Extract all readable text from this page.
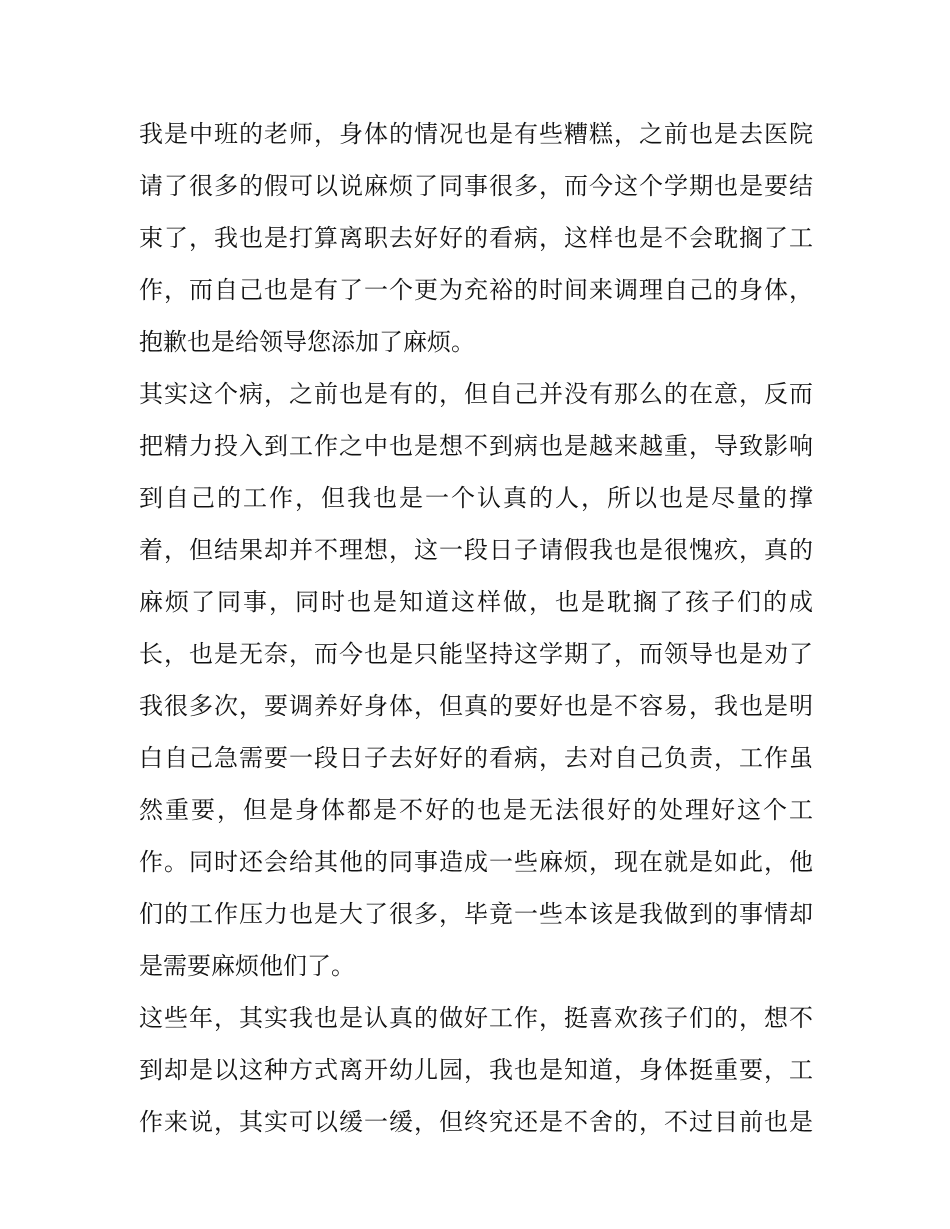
我是中班的老师，身体的情况也是有些糟糕，之前也是去医院
请了很多的假可以说麻烦了同事很多，而今这个学期也是要结
束了，我也是打算离职去好好的看病，这样也是不会耽搁了工
作，而自己也是有了一个更为充裕的时间来调理自己的身体，
抱歉也是给领导您添加了麻烦。
其实这个病，之前也是有的，但自己并没有那么的在意，反而
把精力投入到工作之中也是想不到病也是越来越重，导致影响
到自己的工作，但我也是一个认真的人，所以也是尽量的撑
着，但结果却并不理想，这一段日子请假我也是很愧疚，真的
麻烦了同事，同时也是知道这样做，也是耽搁了孩子们的成
长，也是无奈，而今也是只能坚持这学期了，而领导也是劝了
我很多次，要调养好身体，但真的要好也是不容易，我也是明
白自己急需要一段日子去好好的看病，去对自己负责，工作虽
然重要，但是身体都是不好的也是无法很好的处理好这个工
作。同时还会给其他的同事造成一些麻烦，现在就是如此，他
们的工作压力也是大了很多，毕竟一些本该是我做到的事情却
是需要麻烦他们了。
这些年，其实我也是认真的做好工作，挺喜欢孩子们的，想不
到却是以这种方式离开幼儿园，我也是知道，身体挺重要，工
作来说，其实可以缓一缓，但终究还是不舍的，不过目前也是
